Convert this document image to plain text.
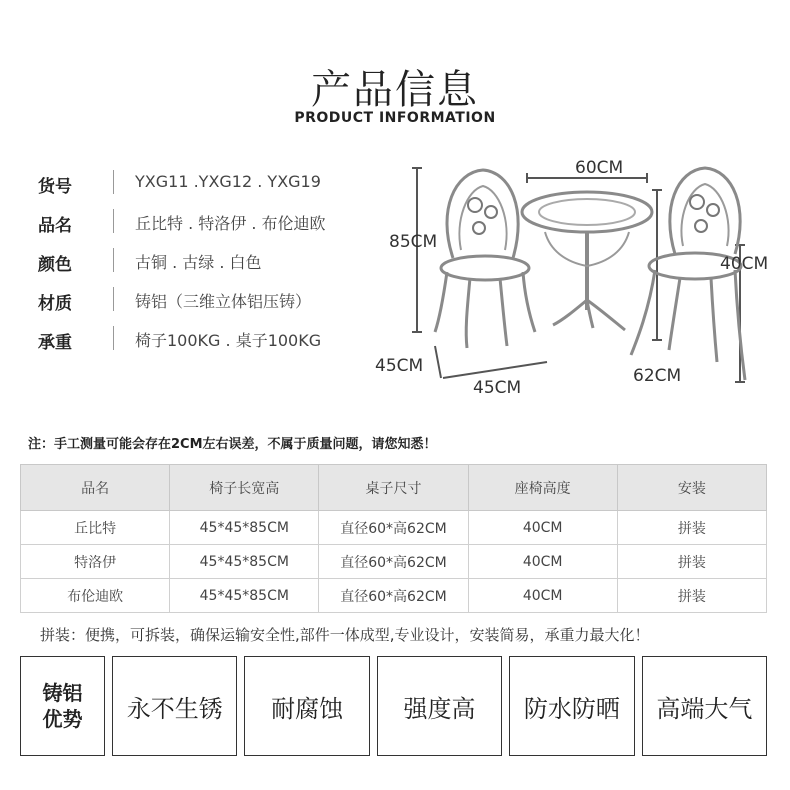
产品信息
PRODUCT INFORMATION
货号	YXG11 .YXG12 . YXG19
品名	丘比特 . 特洛伊 . 布伦迪欧
颜色	古铜 . 古绿 . 白色
材质	铸铝（三维立体铝压铸）
承重	椅子100KG . 桌子100KG
60CM
85CM
40CM
45CM
45CM
62CM
注：手工测量可能会存在2CM左右误差，不属于质量问题，请您知悉！
品名	椅子长宽高	桌子尺寸	座椅高度	安装
丘比特	45*45*85CM	直径60*高62CM	40CM	拼装
特洛伊	45*45*85CM	直径60*高62CM	40CM	拼装
布伦迪欧	45*45*85CM	直径60*高62CM	40CM	拼装
拼装：便携，可拆装，确保运输安全性,部件一体成型,专业设计，安装简易，承重力最大化！
铸铝
优势	永不生锈	耐腐蚀	强度高	防水防晒	高端大气
